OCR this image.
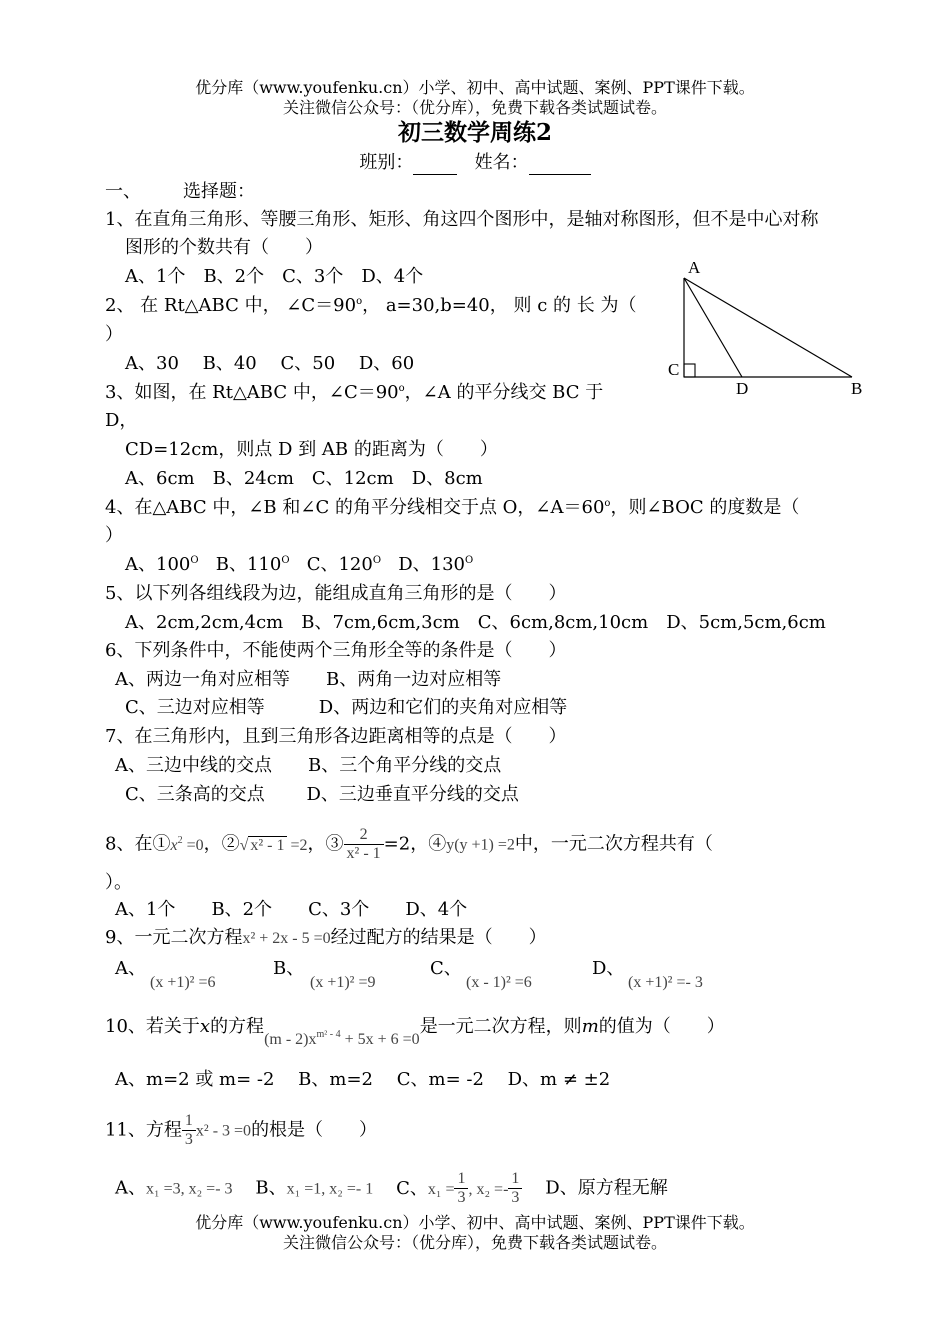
优分库（www.youfenku.cn）小学、初中、高中试题、案例、PPT课件下载。
关注微信公众号：（优分库），免费下载各类试题试卷。
初三数学周练2
班别：	姓名：
一、 选择题：
1、在直角三角形、等腰三角形、矩形、角这四个图形中，是轴对称图形，但不是中心对称
图形的个数共有（　　）
A、1个　B、2个　C、3个　D、4个	A
C
D	B
2、 在 Rt△ABC 中， $\angle C=90^o$， a=30,b=40， 则 c 的 长 为（
）
A、30　 B、40　 C、50　 D、60
3、如图，在 Rt△ABC 中，$\angle C=90^o$，∠A 的平分线交 BC 于
D，
CD=12cm，则点 D 到 AB 的距离为（　　）
A、6cm　B、24cm　C、12cm　D、8cm
4、在△ABC 中，∠B 和∠C 的角平分线相交于点 O，$\angle A=60^o$，则∠BOC 的度数是（
）
A、$100^O$ B、$110^O$ C、$120^O$ D、$130^O$
5、以下列各组线段为边，能组成直角三角形的是（　　）
A、2cm,2cm,4cm　B、7cm,6cm,3cm　C、6cm,8cm,10cm　D、5cm,5cm,6cm
6、下列条件中，不能使两个三角形全等的条件是（　　）
A、两边一角对应相等　　B、两角一边对应相等
C、三边对应相等　　　D、两边和它们的夹角对应相等
7、在三角形内，且到三角形各边距离相等的点是（　　）
A、三边中线的交点　　B、三个角平分线的交点
C、三条高的交点　　 D、三边垂直平分线的交点
8、在$①x^2 =0$，②√ x² - 1 =2，③ $\frac{2}{\text{x² - 1}} =2$，④y(y +1) =2中，一元二次方程共有（
）。
A、1个　　B、2个　　C、3个　　D、4个
9、一元二次方程x² + 2x - 5 =0经过配方的结果是（　　）
A、
(x +1)² =6
B、
(x +1)² =9
C、
(x - 1)² =6
D、
(x +1)² =- 3
10、若关于x的方程$(m - 2)x^{m^2 - 4} + 5x + 6 =0$是一元二次方程，则m的值为（　　）
A、m=2 或 m= -2　 B、m=2　 C、m= -2　 D、m ≠ ±2
11、方程 $\frac{1}{3} x^2 - 3 =0$的根是（　　）
A、x₁ =3, x₂ =- 3 B、x₁ =1, x₂ =- 1 C、$x_1 = \frac{1}{3}$ , $x_2 =- \frac{1}{3}$ D、原方程无解
优分库（www.youfenku.cn）小学、初中、高中试题、案例、PPT课件下载。
关注微信公众号：（优分库），免费下载各类试题试卷。
